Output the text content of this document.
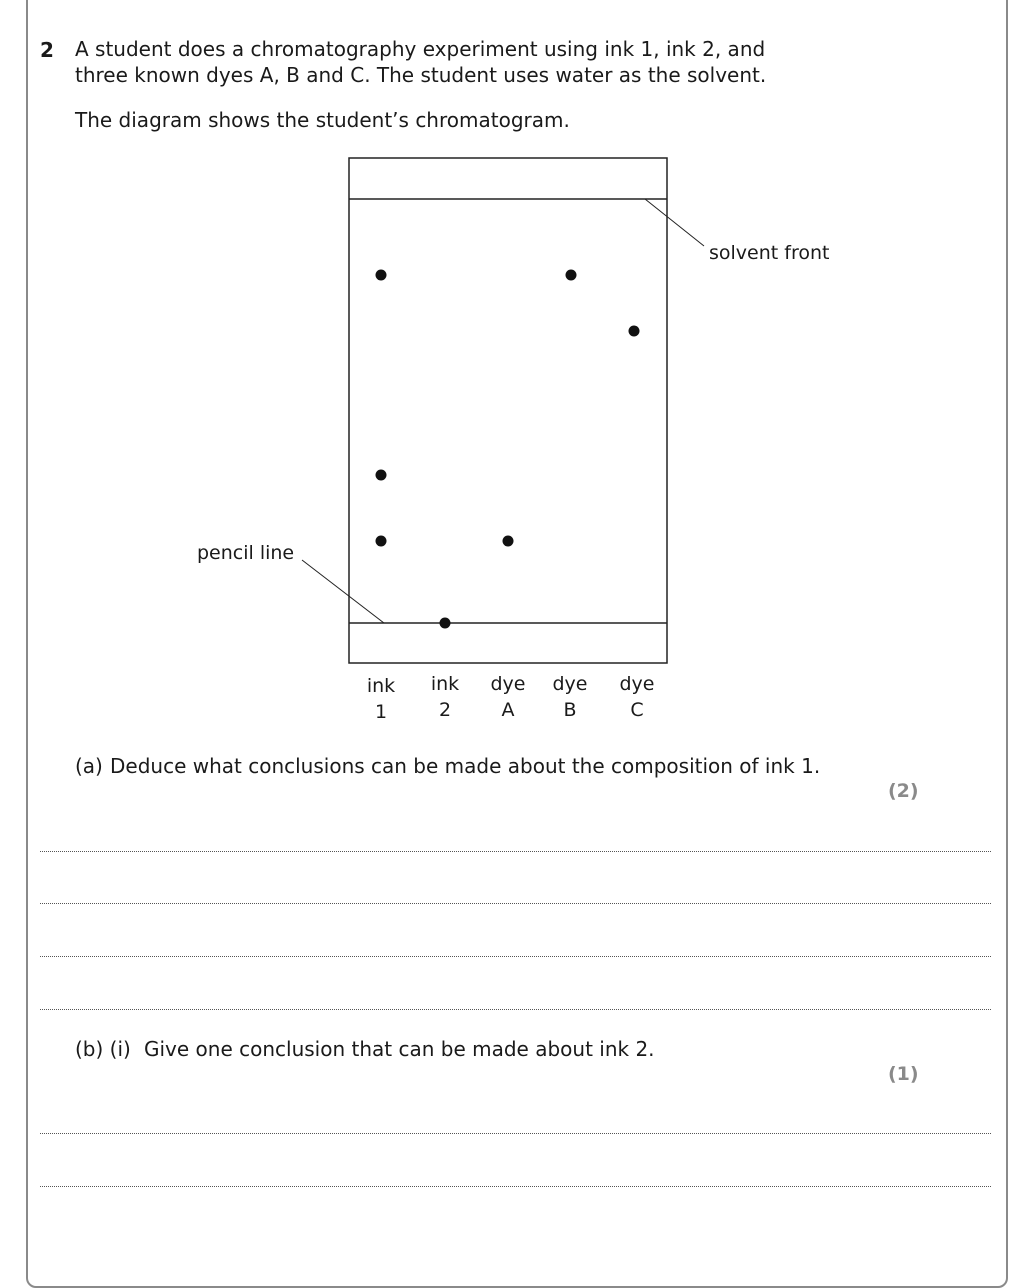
2 A student does a chromatography experiment using ink 1, ink 2, and
three known dyes A, B and C. The student uses water as the solvent.
The diagram shows the student’s chromatogram.
solvent front
pencil line
ink
1
ink
2
dye
A
dye
B
dye
C
(a) Deduce what conclusions can be made about the composition of ink 1.
(2)
(b) (i) Give one conclusion that can be made about ink 2.
(1)
